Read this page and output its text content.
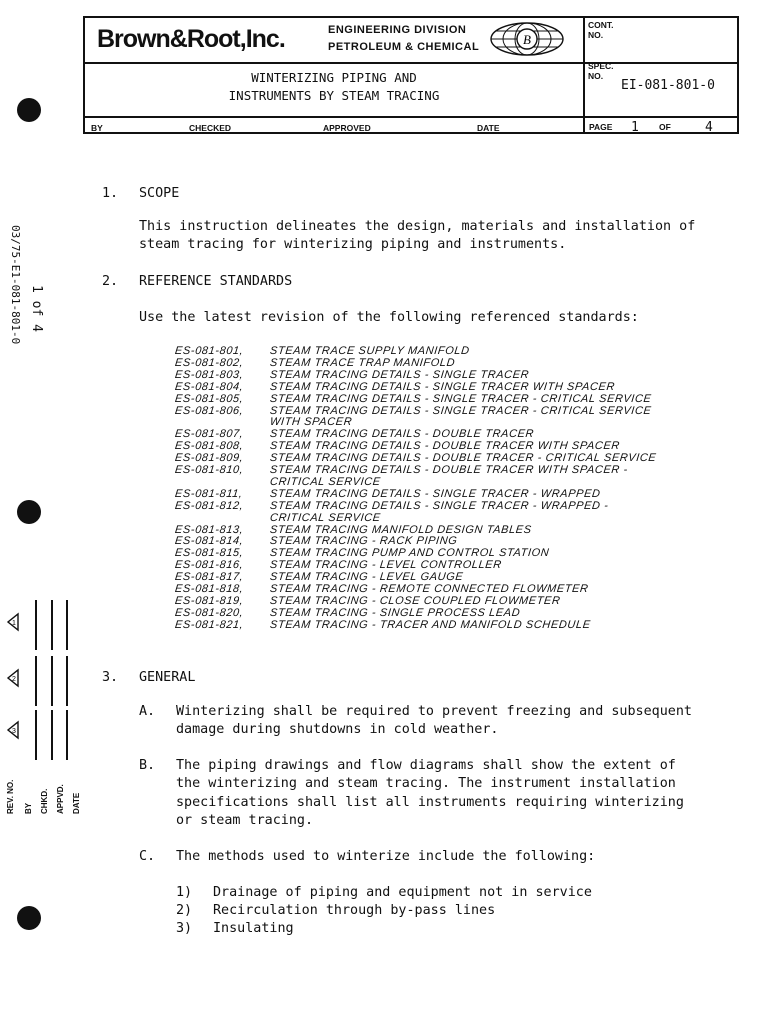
Brown&Root,Inc.	ENGINEERING DIVISION
PETROLEUM & CHEMICAL	B
CONT.
NO.
SPEC.
NO.
EI-081-801-0
WINTERIZING PIPING AND
INSTRUMENTS BY STEAM TRACING
BY	CHECKED	APPROVED	DATE	PAGE 1 OF	4
03/75-E1-081-801-0 1 of 4
1
2
3
REV. NO. BY CHKD. APPVD. DATE
1. SCOPE
This instruction delineates the design, materials and installation of
steam tracing for winterizing piping and instruments.
2. REFERENCE STANDARDS
Use the latest revision of the following referenced standards:
ES-081-801, STEAM TRACE SUPPLY MANIFOLD
ES-081-802, STEAM TRACE TRAP MANIFOLD
ES-081-803, STEAM TRACING DETAILS - SINGLE TRACER
ES-081-804, STEAM TRACING DETAILS - SINGLE TRACER WITH SPACER
ES-081-805, STEAM TRACING DETAILS - SINGLE TRACER - CRITICAL SERVICE
ES-081-806, STEAM TRACING DETAILS - SINGLE TRACER - CRITICAL SERVICE
WITH SPACER
ES-081-807, STEAM TRACING DETAILS - DOUBLE TRACER
ES-081-808, STEAM TRACING DETAILS - DOUBLE TRACER WITH SPACER
ES-081-809, STEAM TRACING DETAILS - DOUBLE TRACER - CRITICAL SERVICE
ES-081-810, STEAM TRACING DETAILS - DOUBLE TRACER WITH SPACER -
CRITICAL SERVICE
ES-081-811, STEAM TRACING DETAILS - SINGLE TRACER - WRAPPED
ES-081-812, STEAM TRACING DETAILS - SINGLE TRACER - WRAPPED -
CRITICAL SERVICE
ES-081-813, STEAM TRACING MANIFOLD DESIGN TABLES
ES-081-814, STEAM TRACING - RACK PIPING
ES-081-815, STEAM TRACING PUMP AND CONTROL STATION
ES-081-816, STEAM TRACING - LEVEL CONTROLLER
ES-081-817, STEAM TRACING - LEVEL GAUGE
ES-081-818, STEAM TRACING - REMOTE CONNECTED FLOWMETER
ES-081-819, STEAM TRACING - CLOSE COUPLED FLOWMETER
ES-081-820, STEAM TRACING - SINGLE PROCESS LEAD
ES-081-821, STEAM TRACING - TRACER AND MANIFOLD SCHEDULE
3. GENERAL
A. Winterizing shall be required to prevent freezing and subsequent
damage during shutdowns in cold weather.
B. The piping drawings and flow diagrams shall show the extent of
the winterizing and steam tracing. The instrument installation
specifications shall list all instruments requiring winterizing
or steam tracing.
C. The methods used to winterize include the following:
1) Drainage of piping and equipment not in service
2) Recirculation through by-pass lines
3) Insulating
